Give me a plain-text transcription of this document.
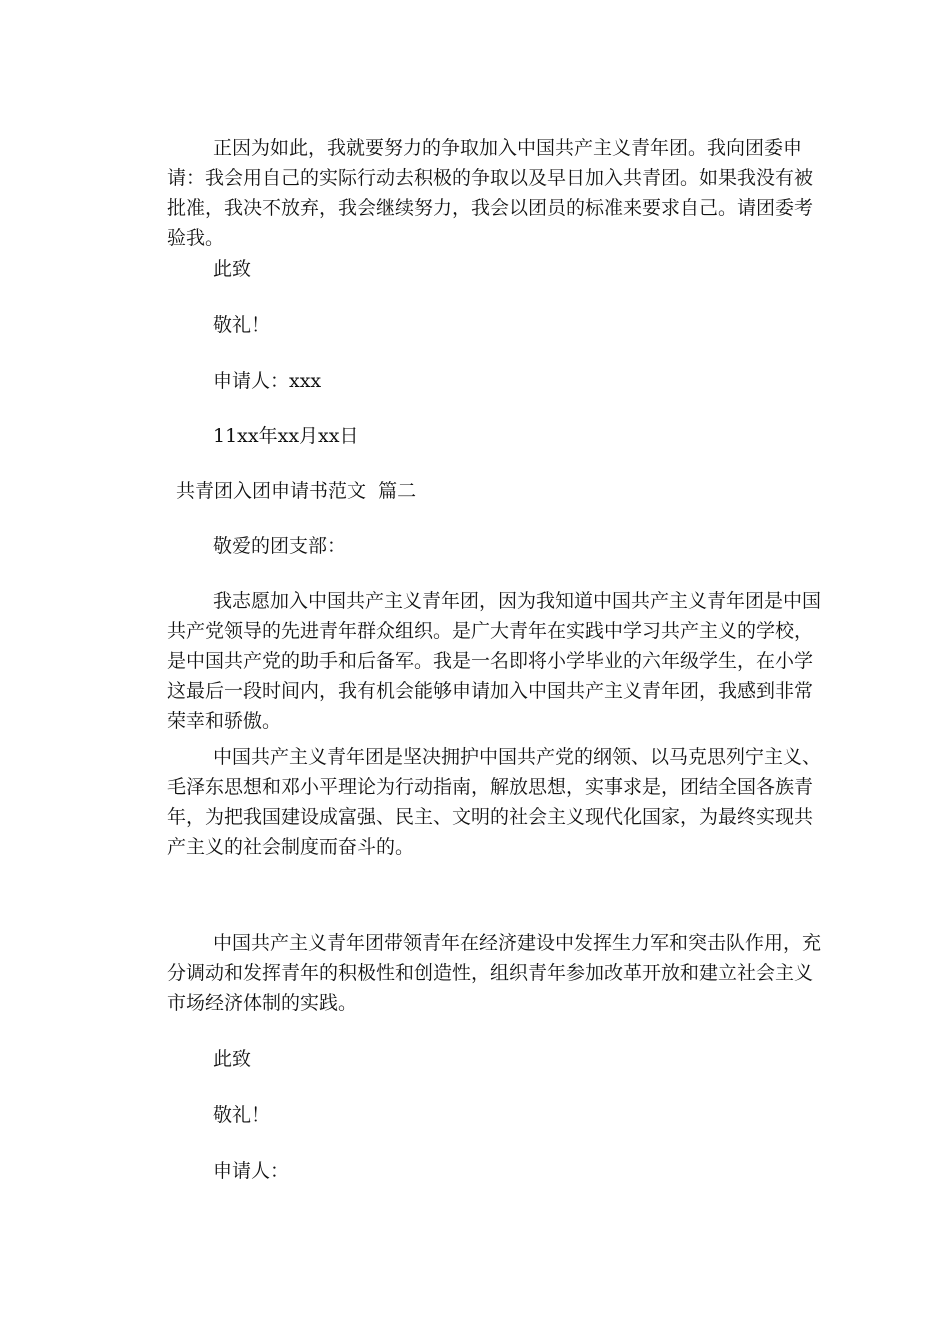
正因为如此，我就要努力的争取加入中国共产主义青年团。我向团委申请：我会用自己的实际行动去积极的争取以及早日加入共青团。如果我没有被批准，我决不放弃，我会继续努力，我会以团员的标准来要求自己。请团委考验我。

此致

敬礼！

申请人：xxx

11xx年xx月xx日

共青团入团申请书范文  篇二

敬爱的团支部：

我志愿加入中国共产主义青年团，因为我知道中国共产主义青年团是中国共产党领导的先进青年群众组织。是广大青年在实践中学习共产主义的学校，是中国共产党的助手和后备军。我是一名即将小学毕业的六年级学生，在小学这最后一段时间内，我有机会能够申请加入中国共产主义青年团，我感到非常荣幸和骄傲。

中国共产主义青年团是坚决拥护中国共产党的纲领、以马克思列宁主义、毛泽东思想和邓小平理论为行动指南，解放思想，实事求是，团结全国各族青年，为把我国建设成富强、民主、文明的社会主义现代化国家，为最终实现共产主义的社会制度而奋斗的。

中国共产主义青年团带领青年在经济建设中发挥生力军和突击队作用，充分调动和发挥青年的积极性和创造性，组织青年参加改革开放和建立社会主义市场经济体制的实践。

此致

敬礼！

申请人：
